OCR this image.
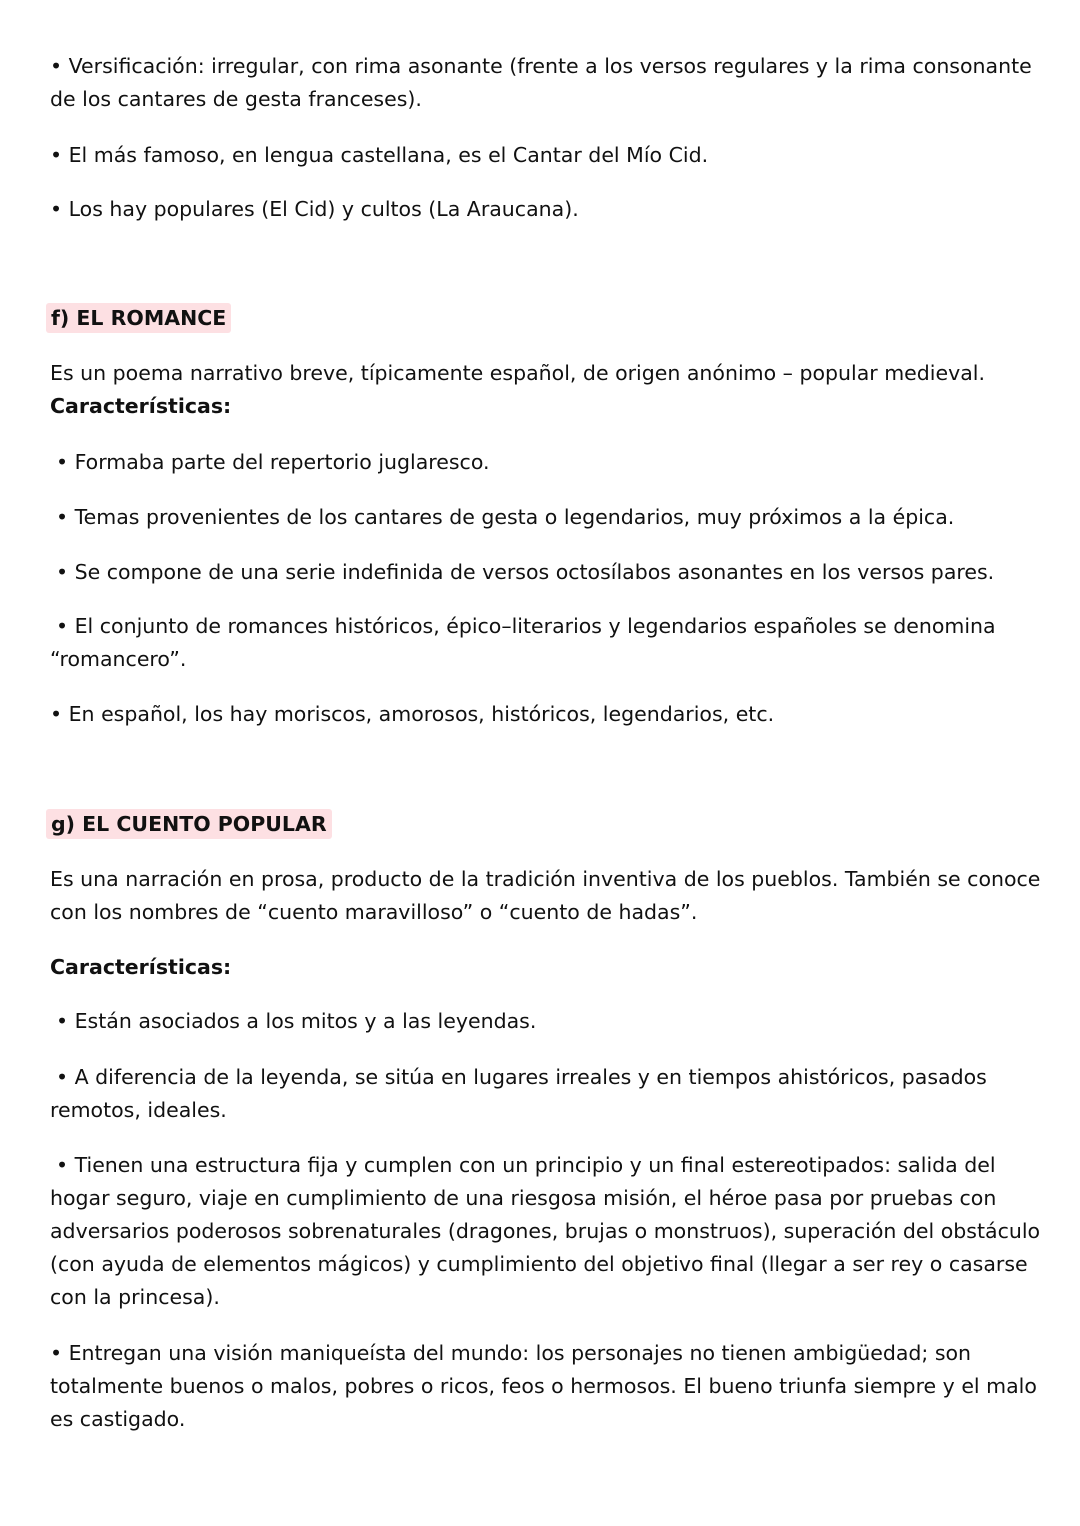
• Versificación: irregular, con rima asonante (frente a los versos regulares y la rima consonante
de los cantares de gesta franceses).
• El más famoso, en lengua castellana, es el Cantar del Mío Cid.
• Los hay populares (El Cid) y cultos (La Araucana).
f) EL ROMANCE
Es un poema narrativo breve, típicamente español, de origen anónimo – popular medieval.
Características:
• Formaba parte del repertorio juglaresco.
• Temas provenientes de los cantares de gesta o legendarios, muy próximos a la épica.
• Se compone de una serie indefinida de versos octosílabos asonantes en los versos pares.
• El conjunto de romances históricos, épico–literarios y legendarios españoles se denomina
“romancero”.
• En español, los hay moriscos, amorosos, históricos, legendarios, etc.
g) EL CUENTO POPULAR
Es una narración en prosa, producto de la tradición inventiva de los pueblos. También se conoce
con los nombres de “cuento maravilloso” o “cuento de hadas”.
Características:
• Están asociados a los mitos y a las leyendas.
• A diferencia de la leyenda, se sitúa en lugares irreales y en tiempos ahistóricos, pasados
remotos, ideales.
• Tienen una estructura fija y cumplen con un principio y un final estereotipados: salida del
hogar seguro, viaje en cumplimiento de una riesgosa misión, el héroe pasa por pruebas con
adversarios poderosos sobrenaturales (dragones, brujas o monstruos), superación del obstáculo
(con ayuda de elementos mágicos) y cumplimiento del objetivo final (llegar a ser rey o casarse
con la princesa).
• Entregan una visión maniqueísta del mundo: los personajes no tienen ambigüedad; son
totalmente buenos o malos, pobres o ricos, feos o hermosos. El bueno triunfa siempre y el malo
es castigado.
